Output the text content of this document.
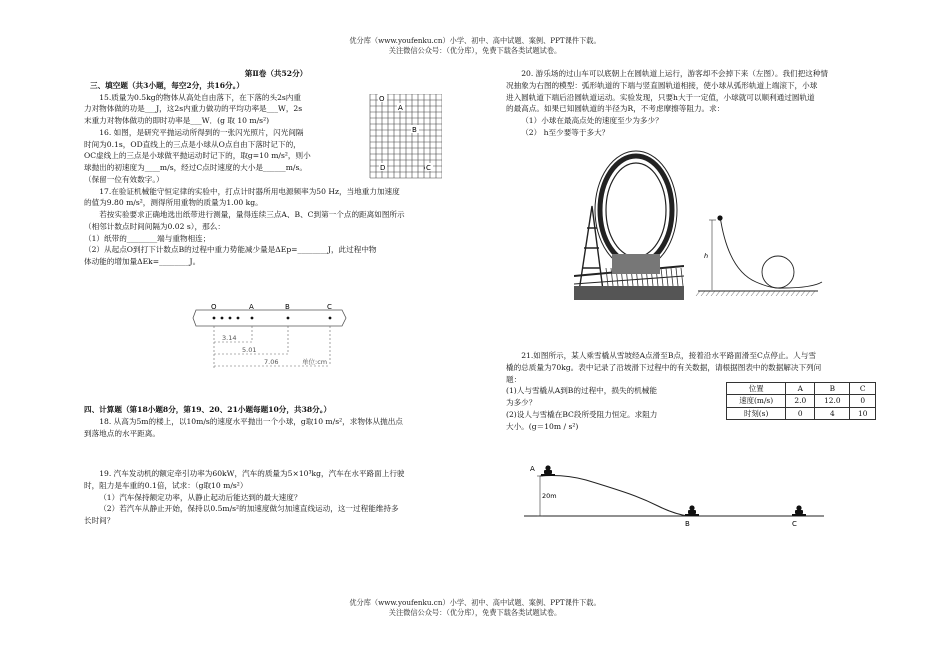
优分库（www.youfenku.cn）小学、初中、高中试题、案例、PPT课件下载。
关注微信公众号：（优分库），免费下载各类试题试卷。

第Ⅱ卷（共52分）

三、填空题（共3小题，每空2分，共16分。）

15.质量为0.5kg的物体从高处自由落下，在下落的头2s内重

力对物体做的功是___J，这2s内重力做功的平均功率是___W，2s

末重力对物体做功的即时功率是___W．(g 取 10 m/s²)

16. 如图，是研究平抛运动所得到的一张闪光照片，闪光间隔

时间为0.1s，OD直线上的三点是小球从O点自由下落时记下的，

OC虚线上的三点是小球做平抛运动时记下的，取g=10 m/s²，则小

球抛出的初速度为____m/s，经过C点时速度的大小是______m/s。

（保留一位有效数字。）

17.在验证机械能守恒定律的实验中，打点计时器所用电源频率为50 Hz，当地重力加速度

的值为9.80 m/s²，测得所用重物的质量为1.00 kg。

若按实验要求正确地选出纸带进行测量，量得连续三点A、B、C到第一个点的距离如图所示

（相邻计数点时间间隔为0.02 s），那么：

（1）纸带的________端与重物相连；

（2）从起点O到打下计数点B的过程中重力势能减少量是ΔEp=________J，此过程中物

体动能的增加量ΔEk=________J。

O
A
B
C
D
O	A	B	C
3.14
5.01
7.06	单位:cm

四、计算题（第18小题8分，第19、20、21小题每题10分，共38分。）

18. 从高为5m的楼上，以10m/s的速度水平抛出一个小球，g取10 m/s²，求物体从抛出点

到落地点的水平距离。

19. 汽车发动机的额定牵引功率为60kW，汽车的质量为5×10³kg，汽车在水平路面上行驶

时，阻力是车重的0.1倍，试求：（g取10 m/s²）

（1）汽车保持额定功率，从静止起动后能达到的最大速度？

（2）若汽车从静止开始，保持以0.5m/s²的加速度做匀加速直线运动，这一过程能维持多

长时间？

20. 游乐场的过山车可以底朝上在圆轨道上运行，游客却不会掉下来（左图）。我们把这种情

况抽象为右图的模型：弧形轨道的下端与竖直圆轨道相接，使小球从弧形轨道上端滚下，小球

进入圆轨道下端后沿圆轨道运动。实验发现，只要h大于一定值，小球就可以顺利通过圆轨道

的最高点。如果已知圆轨道的半径为R，不考虑摩擦等阻力。求：

（1）小球在最高点处的速度至少为多少？

（2） h至少要等于多大？

h

21.如图所示，某人乘雪橇从雪坡经A点滑至B点，接着沿水平路面滑至C点停止。人与雪

橇的总质量为70kg。表中记录了沿坡滑下过程中的有关数据，请根据图表中的数据解决下列问

题：

(1)人与雪橇从A到B的过程中，损失的机械能

为多少？

(2)设人与雪橇在BC段所受阻力恒定。求阻力

大小。(g＝10m / s²)

位置	A	B	C
速度(m/s)	2.0	12.0	0
时刻(s)	0	4	10
A
20m
B	C
优分库（www.youfenku.cn）小学、初中、高中试题、案例、PPT课件下载。
关注微信公众号：（优分库），免费下载各类试题试卷。
